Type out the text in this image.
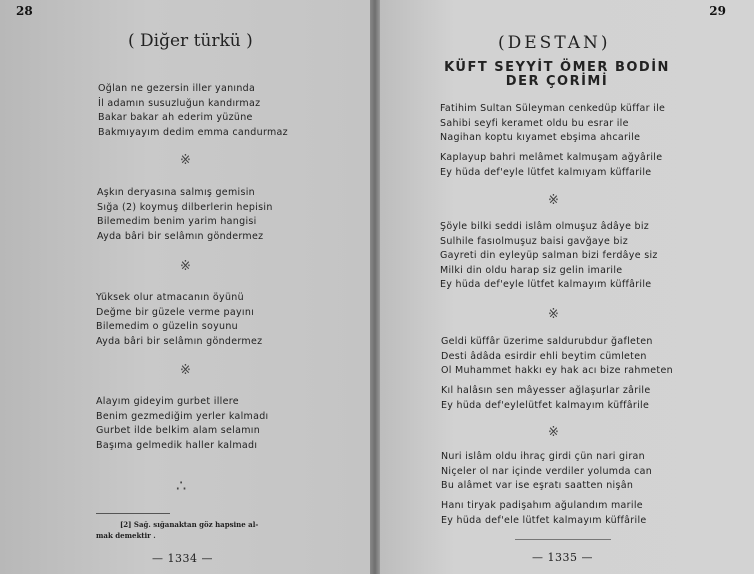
28
( Diğer türkü )
Oğlan ne gezersin iller yanında
İl adamın susuzluğun kandırmaz
Bakar bakar ah ederim yüzüne
Bakmıyayım dedim emma candurmaz
※
Aşkın deryasına salmış gemisin
Sığa (2) koymuş dilberlerin hepisin
Bilemedim benim yarim hangisi
Ayda bâri bir selâmın göndermez
※
Yüksek olur atmacanın öyünü
Değme bir güzele verme payını
Bilemedim o güzelin soyunu
Ayda bâri bir selâmın göndermez
※
Alayım gideyim gurbet illere
Benim gezmediğim yerler kalmadı
Gurbet ilde belkim alam selamın
Başıma gelmedik haller kalmadı
∴
[2] Sağ. sığanaktan göz hapsine al-
mak demektir .
— 1334 —
29
(DESTAN)
KÜFT SEYYİT ÖMER BODİN
DER ÇORİMİ
Fatihim Sultan Süleyman cenkedüp küffar ile
Sahibi seyfi keramet oldu bu esrar ile
Nagihan koptu kıyamet ebşima ahcarile
Kaplayup bahri melâmet kalmuşam ağyârile
Ey hüda def'eyle lütfet kalmıyam küffarile
※
Şöyle bilki seddi islâm olmuşuz âdâye biz
Sulhile fasıolmuşuz baisi gavğaye biz
Gayreti din eyleyüp salman bizi ferdâye siz
Milki din oldu harap siz gelin imarile
Ey hüda def'eyle lütfet kalmayım küffârile
※
Geldi küffâr üzerime saldurubdur ğafleten
Desti âdâda esirdir ehli beytim cümleten
Ol Muhammet hakkı ey hak acı bize rahmeten
Kıl halâsın sen mâyesser ağlaşurlar zârile
Ey hüda def'eylelütfet kalmayım küffârile
※
Nuri islâm oldu ihraç girdi çün nari giran
Niçeler ol nar içinde verdiler yolumda can
Bu alâmet var ise eşratı saatten nişân
Hanı tiryak padişahım ağulandım marile
Ey hüda def'ele lütfet kalmayım küffârile
— 1335 —
